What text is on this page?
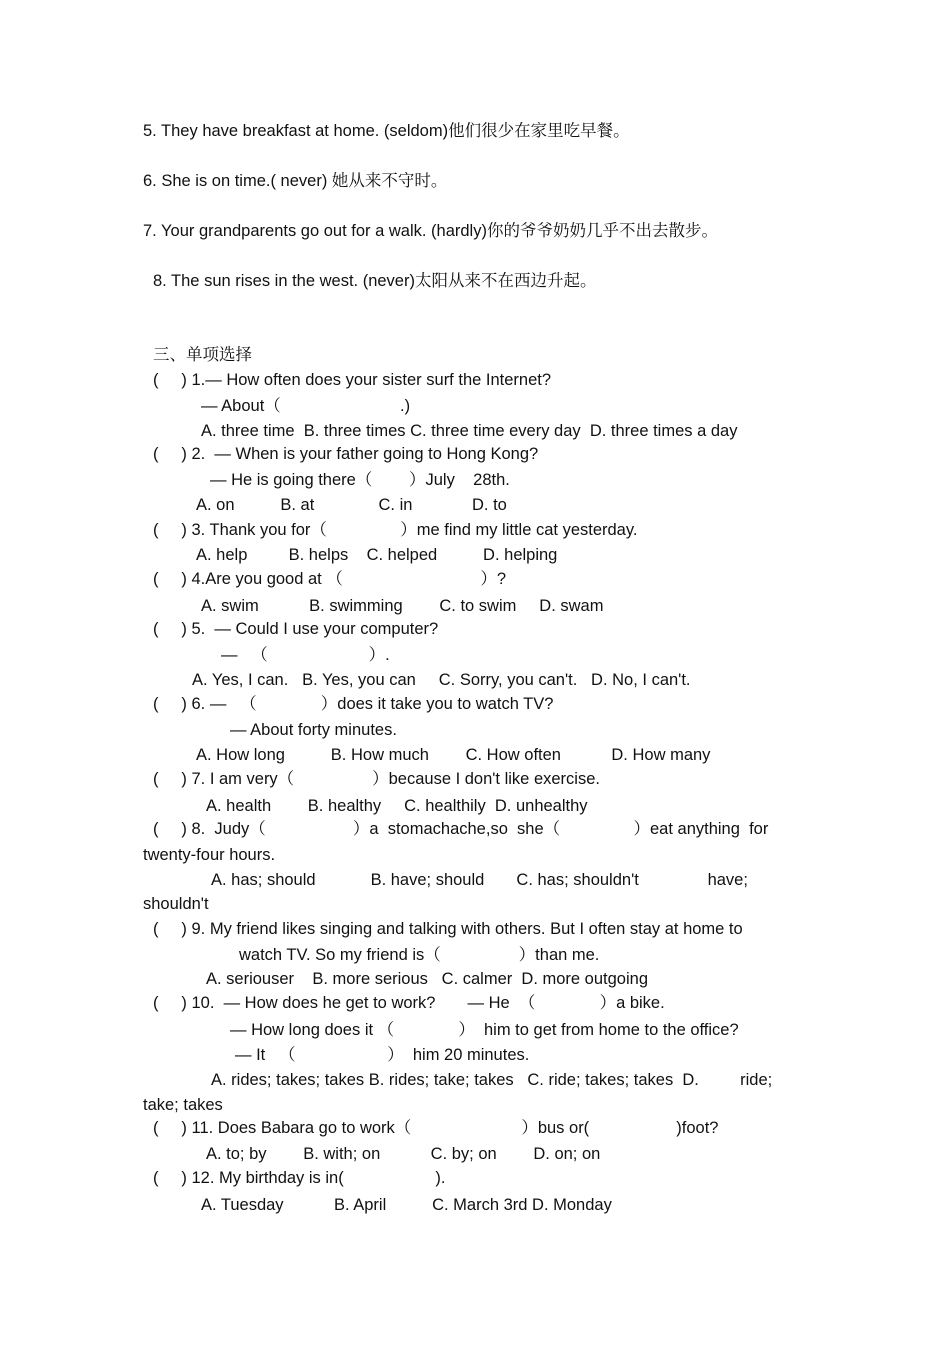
5. They have breakfast at home. (seldom)他们很少在家里吃早餐。
6. She is on time.( never) 她从来不守时。
7. Your grandparents go out for a walk. (hardly)你的爷爷奶奶几乎不出去散步。
8. The sun rises in the west. (never)太阳从来不在西边升起。
三、单项选择
(     ) 1.— How often does your sister surf the Internet?
— About（                          .)
A. three time  B. three times C. three time every day  D. three times a day
(     ) 2.  — When is your father going to Hong Kong?
— He is going there（        ）July    28th.
A. on          B. at              C. in             D. to
(     ) 3. Thank you for（                ）me find my little cat yesterday.
A. help         B. helps    C. helped          D. helping
(     ) 4.Are you good at （                              ）?
A. swim           B. swimming        C. to swim     D. swam
(     ) 5.  — Could I use your computer?
—   （                      ）.
A. Yes, I can.   B. Yes, you can     C. Sorry, you can't.   D. No, I can't.
(     ) 6. —   （              ）does it take you to watch TV?
— About forty minutes.
A. How long          B. How much        C. How often           D. How many
(     ) 7. I am very（                 ）because I don't like exercise.
A. health        B. healthy     C. healthily  D. unhealthy
(     ) 8.  Judy（                   ）a  stomachache,so  she（                ）eat anything  for
twenty-four hours.
A. has; should            B. have; should       C. has; shouldn't               have;
shouldn't
(     ) 9. My friend likes singing and talking with others. But I often stay at home to
watch TV. So my friend is（                 ）than me.
A. seriouser    B. more serious   C. calmer  D. more outgoing
(     ) 10.  — How does he get to work?       — He  （              ）a bike.
— How long does it （              ）  him to get from home to the office?
— It   （                    ）  him 20 minutes.
A. rides; takes; takes B. rides; take; takes   C. ride; takes; takes  D.         ride;
take; takes
(     ) 11. Does Babara go to work（                        ）bus or(                   )foot?
A. to; by        B. with; on           C. by; on        D. on; on
(     ) 12. My birthday is in(                    ).
A. Tuesday           B. April          C. March 3rd D. Monday
